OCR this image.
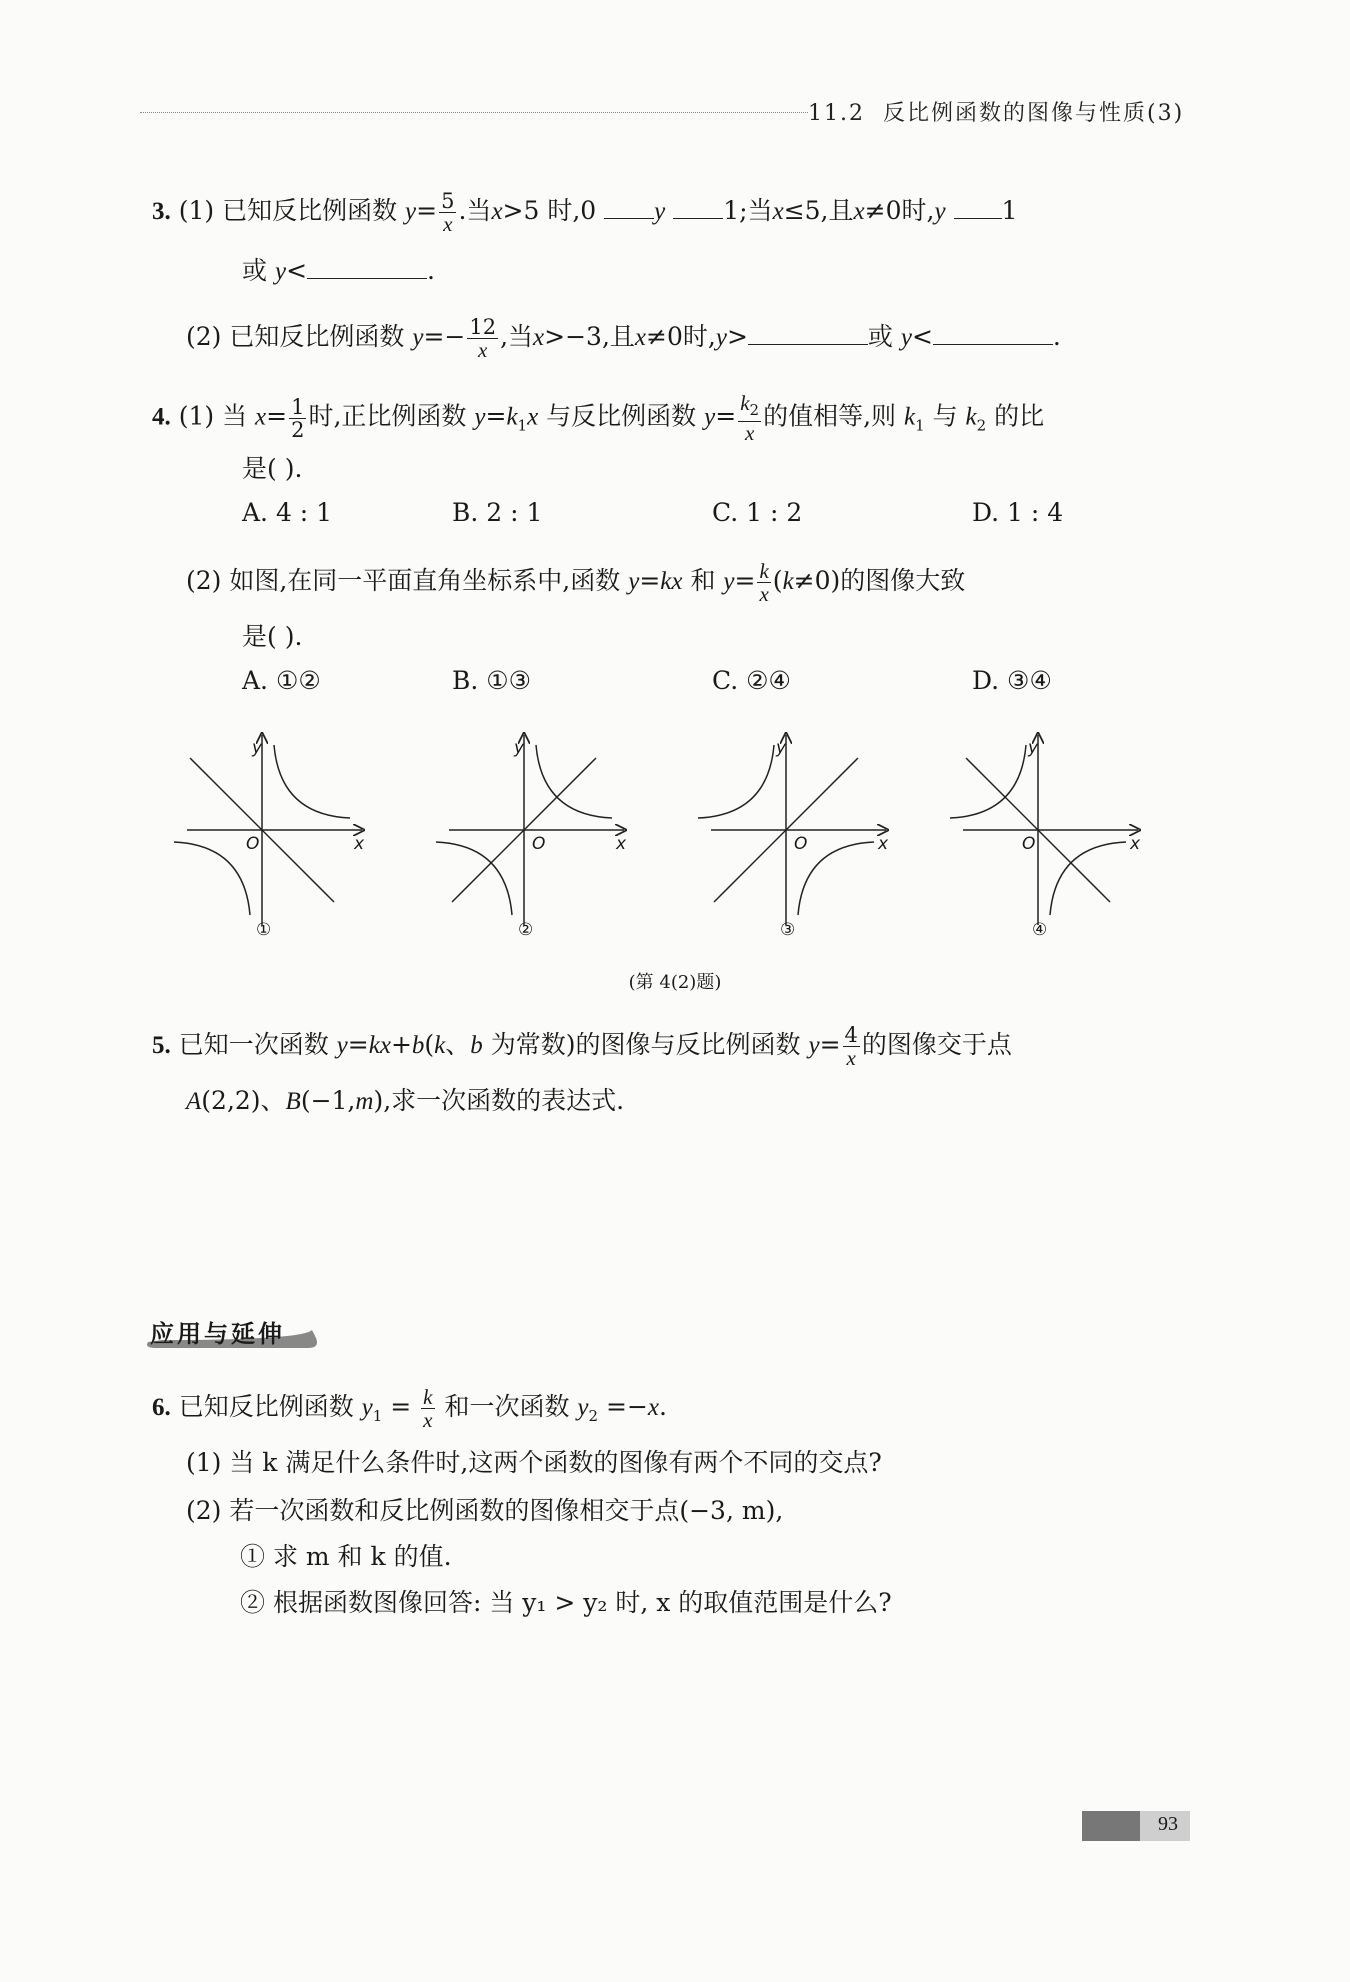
11.2 反比例函数的图像与性质(3)
3. (1) 已知反比例函数 $y= \frac{5}{x}$ .当x>5 时,0 y 1;当x≤5,且x≠0时,y 1
或 y<	.
(2) 已知反比例函数 $y=- \frac{12}{x}$ ,当x>−3,且x≠0时,y>	或 y<	.
4. (1) 当 $x= \frac{1}{2}$ 时,正比例函数 $y=k_1x$ 与反比例函数 $y= \frac{k_2}{x}$ 的值相等,则 $k_1$ 与 $k_2$ 的比
是( ).
A. 4 : 1	B. 2 : 1	C. 1 : 2	D. 1 : 4
(2) 如图,在同一平面直角坐标系中,函数 y=kx 和 $y= \frac{k}{x} (k\ne 0)$的图像大致
是( ).
A. ①②	B. ①③	C. ②④	D. ③④
y
x
O
①
y
x
O
②
y
x
O
③
y
x
O
④
(第 4(2)题)
5. 已知一次函数 y=kx+b(k、b 为常数)的图像与反比例函数 $y= \frac{4}{x}$ 的图像交于点
A(2,2)、B(−1,m),求一次函数的表达式.
应用与延伸
6. 已知反比例函数 $y_1 = \frac{k}{x}$ 和一次函数 $y_2 =-x$.
(1) 当 k 满足什么条件时,这两个函数的图像有两个不同的交点?
(2) 若一次函数和反比例函数的图像相交于点(−3, m),
① 求 m 和 k 的值.
② 根据函数图像回答: 当 y₁ > y₂ 时, x 的取值范围是什么?
93
